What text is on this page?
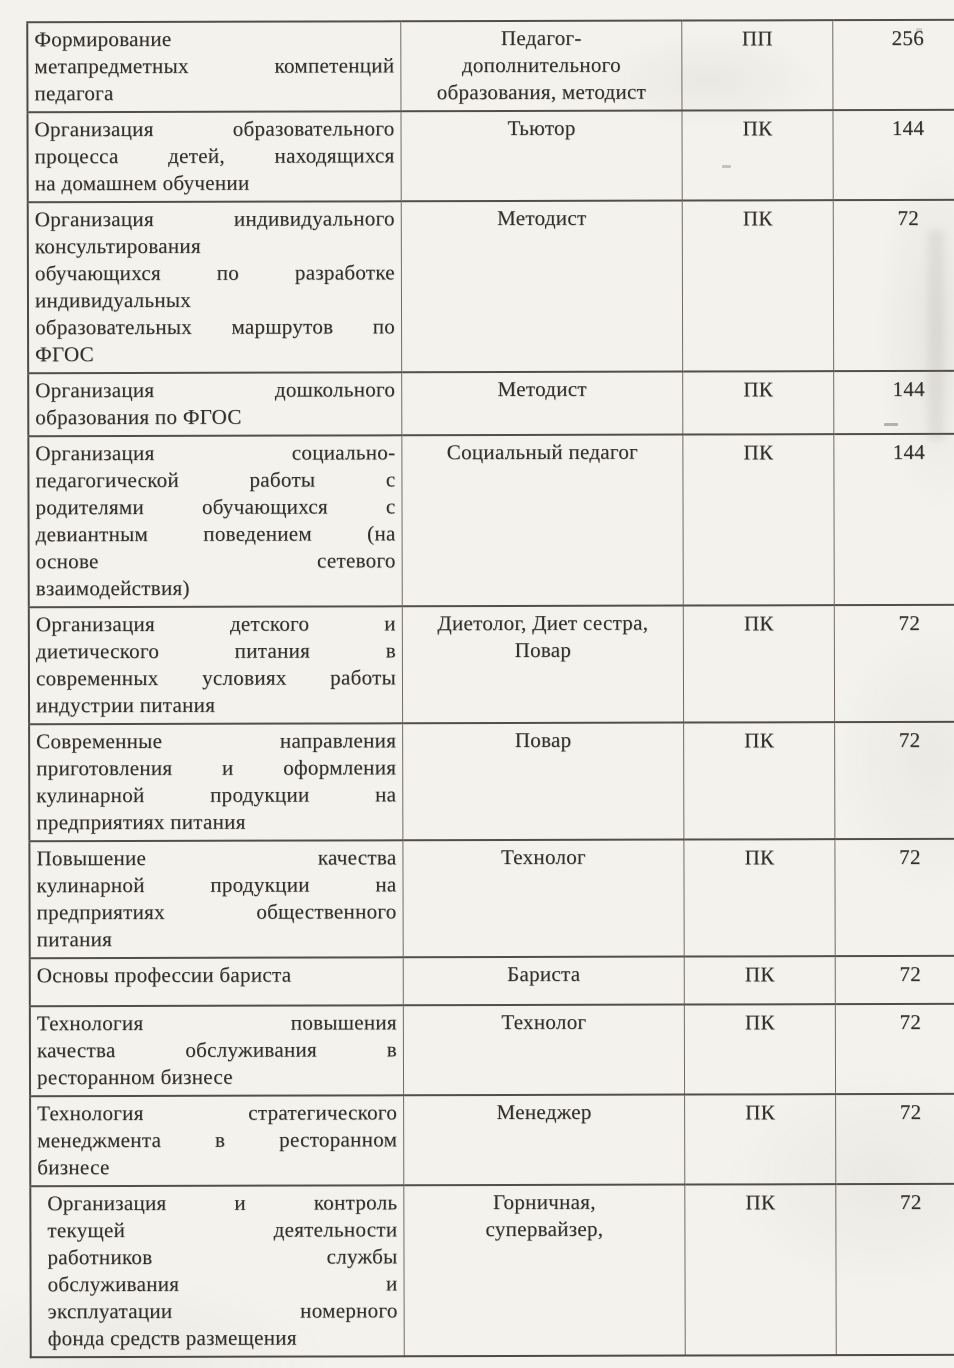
Формирование
метапредметных компетенций
педагога

Педагог-
дополнительного
образования, методист
	ПП	256

Организация образовательного
процесса детей, находящихся
на домашнем обучении	Тьютор	ПК	144

Организация индивидуального
консультирования
обучающихся по разработке
индивидуальных
образовательных маршрутов по
ФГОС

Методист	ПК	72

Организация дошкольного
образования по ФГОС	Методист	ПК	144

Организация социально-
педагогической работы с
родителями обучающихся с
девиантным поведением (на
основе сетевого
взаимодействия)

Социальный педагог	ПК	144

Организация детского и
диетического питания в
современных условиях работы
индустрии питания

Диетолог, Диет сестра,
Повар
	ПК	72

Современные направления
приготовления и оформления
кулинарной продукции на
предприятиях питания	Повар	ПК	72

Повышение качества
кулинарной продукции на
предприятиях общественного
питания	Технолог	ПК	72

Основы профессии бариста	Бариста	ПК	72

Технология повышения
качества обслуживания в
ресторанном бизнесе	Технолог	ПК	72

Технология стратегического
менеджмента в ресторанном
бизнесе	Менеджер	ПК	72

Организация и контроль
текущей деятельности
работников службы
обслуживания и
эксплуатации номерного
фонда средств размещения

Горничная,
супервайзер,
	ПК	72
